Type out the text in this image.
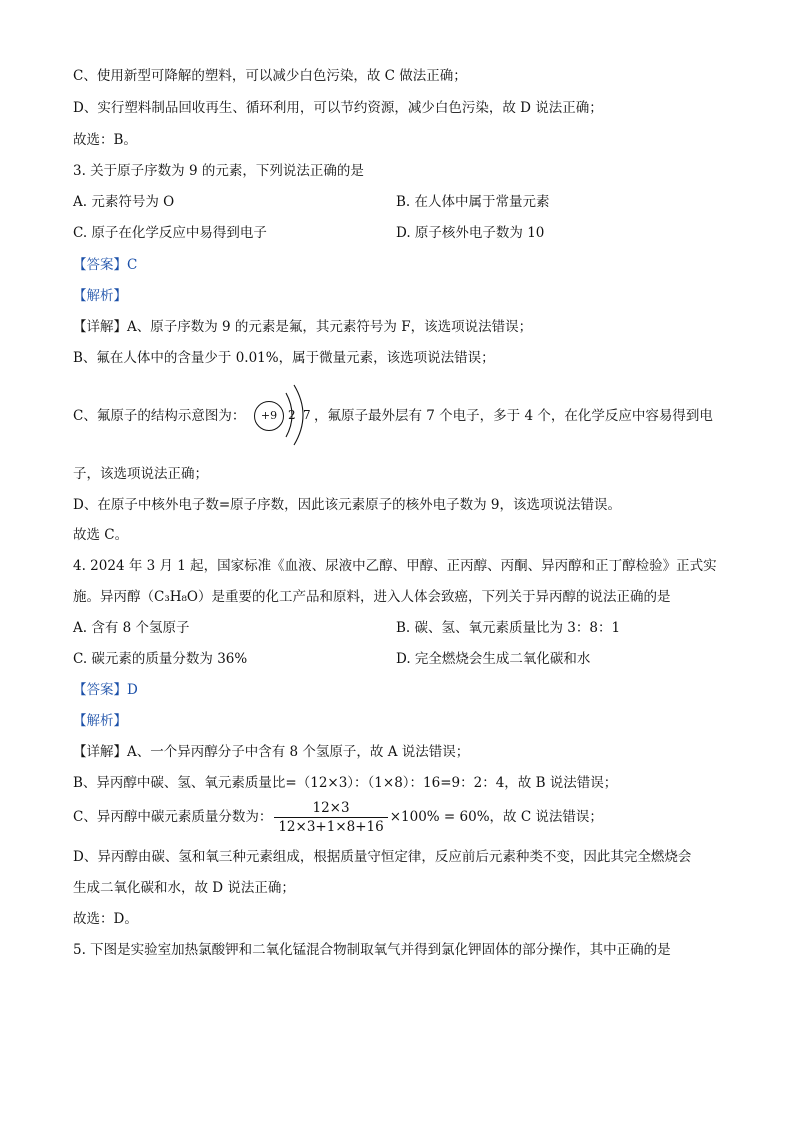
C、使用新型可降解的塑料，可以减少白色污染，故 C 做法正确；
D、实行塑料制品回收再生、循环利用，可以节约资源，减少白色污染，故 D 说法正确；
故选：B。
3. 关于原子序数为 9 的元素，下列说法正确的是
A. 元素符号为 O	B. 在人体中属于常量元素
C. 原子在化学反应中易得到电子	D. 原子核外电子数为 10
【答案】C
【解析】
【详解】A、原子序数为 9 的元素是氟，其元素符号为 F，该选项说法错误；
B、氟在人体中的含量少于 0.01%，属于微量元素，该选项说法错误；
C、氟原子的结构示意图为：	+9 2 7 ，氟原子最外层有 7 个电子，多于 4 个，在化学反应中容易得到电
子，该选项说法正确；
D、在原子中核外电子数=原子序数，因此该元素原子的核外电子数为 9，该选项说法错误。
故选 C。
4. 2024 年 3 月 1 起，国家标准《血液、尿液中乙醇、甲醇、正丙醇、丙酮、异丙醇和正丁醇检验》正式实
施。异丙醇（C₃H₈O）是重要的化工产品和原料，进入人体会致癌，下列关于异丙醇的说法正确的是
A. 含有 8 个氢原子	B. 碳、氢、氧元素质量比为 3：8：1
C. 碳元素的质量分数为 36%	D. 完全燃烧会生成二氧化碳和水
【答案】D
【解析】
【详解】A、一个异丙醇分子中含有 8 个氢原子，故 A 说法错误；
B、异丙醇中碳、氢、氧元素质量比=（12×3）：（1×8）：16=9：2：4，故 B 说法错误；
C、异丙醇中碳元素质量分数为： $\frac{12\times 3}{12\times 3+1\times 8+16} \times 100\% = 60\%$，故 C 说法错误；
D、异丙醇由碳、氢和氧三种元素组成，根据质量守恒定律，反应前后元素种类不变，因此其完全燃烧会
生成二氧化碳和水，故 D 说法正确；
故选：D。
5. 下图是实验室加热氯酸钾和二氧化锰混合物制取氧气并得到氯化钾固体的部分操作，其中正确的是
